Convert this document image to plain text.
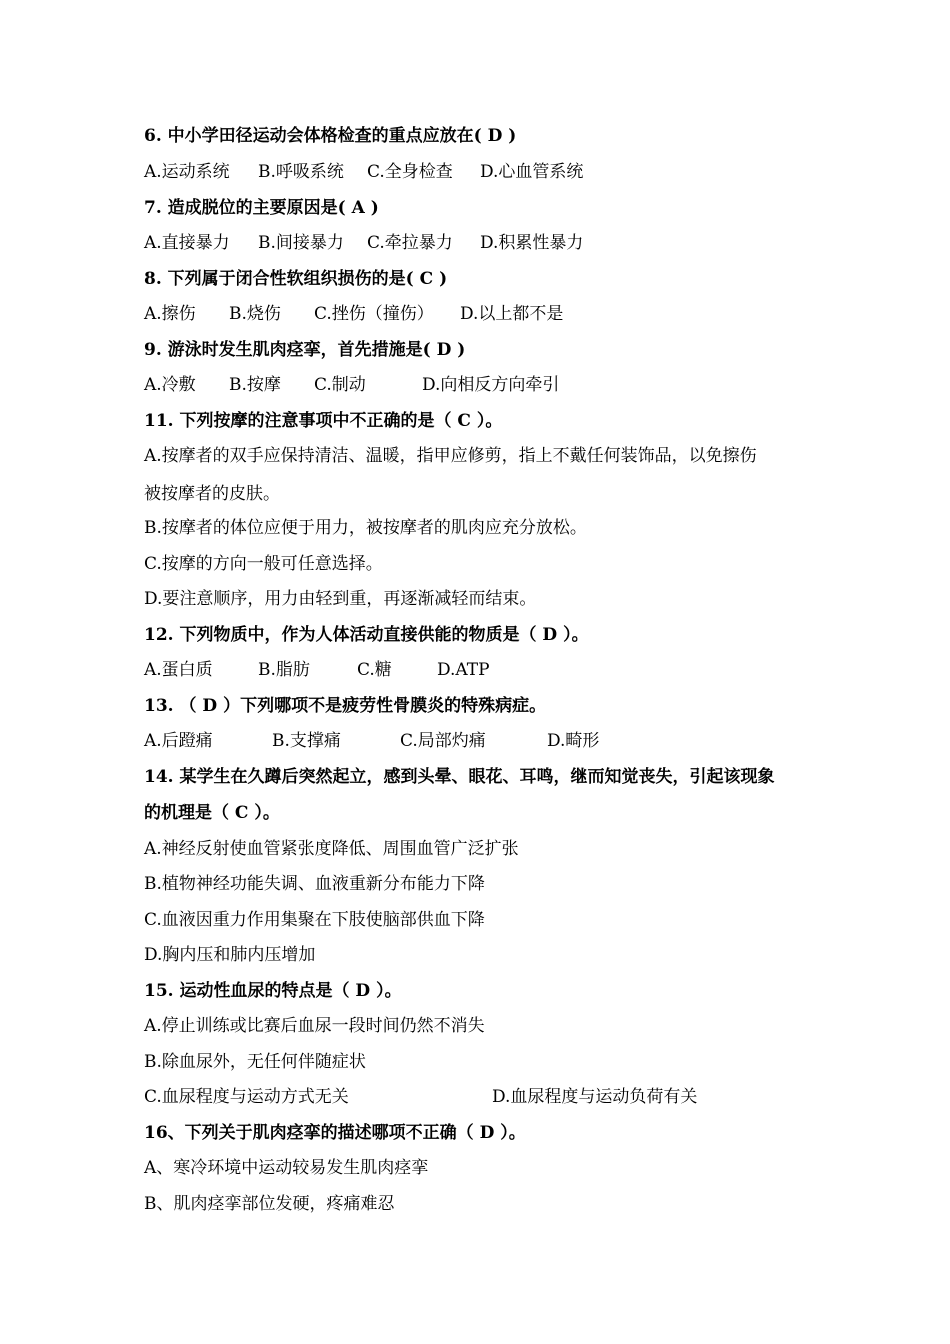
6. 中小学田径运动会体格检查的重点应放在( D )
A.运动系统 B.呼吸系统 C.全身检查 D.心血管系统
7. 造成脱位的主要原因是( A )
A.直接暴力 B.间接暴力 C.牵拉暴力 D.积累性暴力
8. 下列属于闭合性软组织损伤的是( C )
A.擦伤 B.烧伤 C.挫伤（撞伤） D.以上都不是
9. 游泳时发生肌肉痉挛，首先措施是( D )
A.冷敷 B.按摩 C.制动	D.向相反方向牵引
11. 下列按摩的注意事项中不正确的是（ C ）。
A.按摩者的双手应保持清洁、温暖，指甲应修剪，指上不戴任何装饰品，以免擦伤
被按摩者的皮肤。
B.按摩者的体位应便于用力，被按摩者的肌肉应充分放松。
C.按摩的方向一般可任意选择。
D.要注意顺序，用力由轻到重，再逐渐减轻而结束。
12. 下列物质中，作为人体活动直接供能的物质是（ D ）。
A.蛋白质	B.脂肪	C.糖	D.ATP
13. （ D ）下列哪项不是疲劳性骨膜炎的特殊病症。
A.后蹬痛	B.支撑痛	C.局部灼痛	D.畸形
14. 某学生在久蹲后突然起立，感到头晕、眼花、耳鸣，继而知觉丧失，引起该现象
的机理是（ C ）。
A.神经反射使血管紧张度降低、周围血管广泛扩张
B.植物神经功能失调、血液重新分布能力下降
C.血液因重力作用集聚在下肢使脑部供血下降
D.胸内压和肺内压增加
15. 运动性血尿的特点是（ D ）。
A.停止训练或比赛后血尿一段时间仍然不消失
B.除血尿外，无任何伴随症状
C.血尿程度与运动方式无关	D.血尿程度与运动负荷有关
16、下列关于肌肉痉挛的描述哪项不正确（ D ）。
A、寒冷环境中运动较易发生肌肉痉挛
B、肌肉痉挛部位发硬，疼痛难忍
